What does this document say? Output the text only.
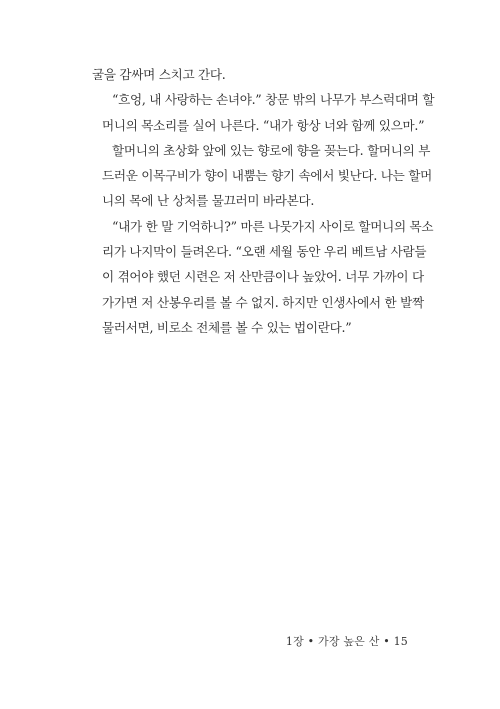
굴을 감싸며 스치고 간다.
“흐엉, 내 사랑하는 손녀야.” 창문 밖의 나무가 부스럭대며 할
머니의 목소리를 실어 나른다. “내가 항상 너와 함께 있으마.”
할머니의 초상화 앞에 있는 향로에 향을 꽂는다. 할머니의 부
드러운 이목구비가 향이 내뿜는 향기 속에서 빛난다. 나는 할머
니의 목에 난 상처를 물끄러미 바라본다.
“내가 한 말 기억하니?” 마른 나뭇가지 사이로 할머니의 목소
리가 나지막이 들려온다. “오랜 세월 동안 우리 베트남 사람들
이 겪어야 했던 시련은 저 산만큼이나 높았어. 너무 가까이 다
가가면 저 산봉우리를 볼 수 없지. 하지만 인생사에서 한 발짝
물러서면, 비로소 전체를 볼 수 있는 법이란다.”
1장 • 가장 높은 산 • 15
